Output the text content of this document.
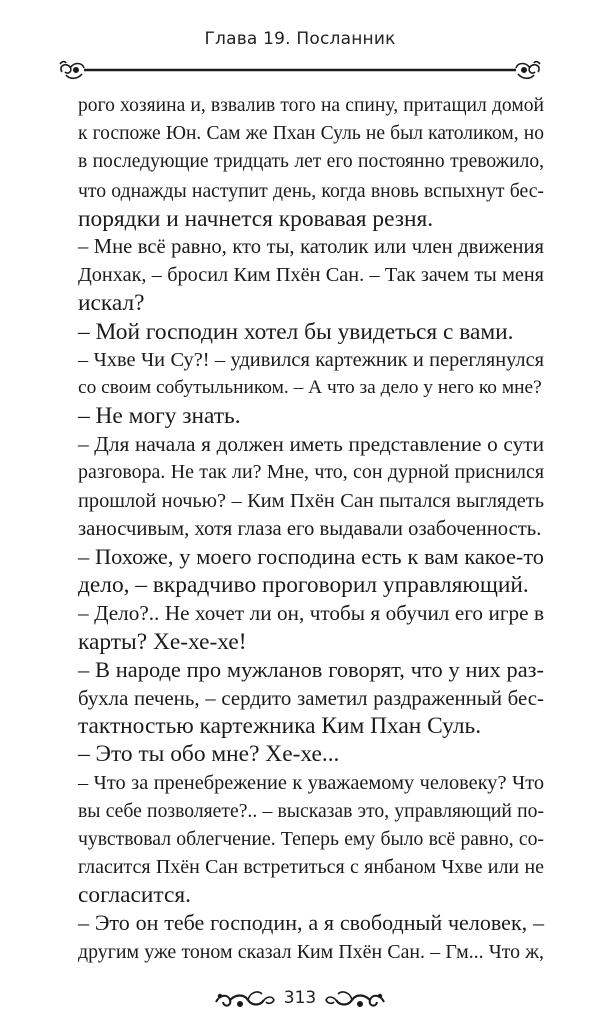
Глава 19. Посланник
рого хозяина и, взвалив того на спину, притащил домой
к госпоже Юн. Сам же Пхан Суль не был католиком, но
в последующие тридцать лет его постоянно тревожило,
что однажды наступит день, когда вновь вспыхнут бес-
порядки и начнется кровавая резня.
– Мне всё равно, кто ты, католик или член движения
Донхак, – бросил Ким Пхён Сан. – Так зачем ты меня
искал?
– Мой господин хотел бы увидеться с вами.
– Чхве Чи Су?! – удивился картежник и переглянулся
со своим собутыльником. – А что за дело у него ко мне?
– Не могу знать.
– Для начала я должен иметь представление о сути
разговора. Не так ли? Мне, что, сон дурной приснился
прошлой ночью? – Ким Пхён Сан пытался выглядеть
заносчивым, хотя глаза его выдавали озабоченность.
– Похоже, у моего господина есть к вам какое-то
дело, – вкрадчиво проговорил управляющий.
– Дело?.. Не хочет ли он, чтобы я обучил его игре в
карты? Хе-хе-хе!
– В народе про мужланов говорят, что у них раз-
бухла печень, – сердито заметил раздраженный бес-
тактностью картежника Ким Пхан Суль.
– Это ты обо мне? Хе-хе...
– Что за пренебрежение к уважаемому человеку? Что
вы себе позволяете?.. – высказав это, управляющий по-
чувствовал облегчение. Теперь ему было всё равно, со-
гласится Пхён Сан встретиться с янбаном Чхве или не
согласится.
– Это он тебе господин, а я свободный человек, –
другим уже тоном сказал Ким Пхён Сан. – Гм... Что ж,
313
